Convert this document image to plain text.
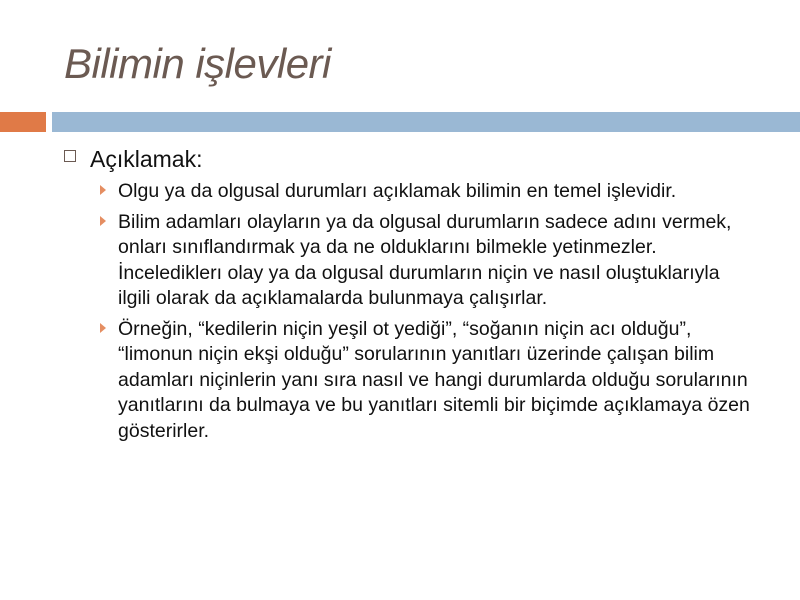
Bilimin işlevleri
Açıklamak:
Olgu ya da olgusal durumları açıklamak bilimin en temel işlevidir.
Bilim adamları olayların ya da olgusal durumların sadece adını vermek, onları sınıflandırmak ya da ne olduklarını bilmekle yetinmezler. İncelediklerı olay ya da olgusal durumların niçin ve nasıl oluştuklarıyla ilgili olarak da açıklamalarda bulunmaya çalışırlar.
Örneğin, “kedilerin niçin yeşil ot yediği”, “soğanın niçin acı olduğu”, “limonun niçin ekşi olduğu” sorularının yanıtları üzerinde çalışan bilim adamları niçinlerin yanı sıra nasıl ve hangi durumlarda olduğu sorularının yanıtlarını da bulmaya ve bu yanıtları sitemli bir biçimde açıklamaya özen gösterirler.
